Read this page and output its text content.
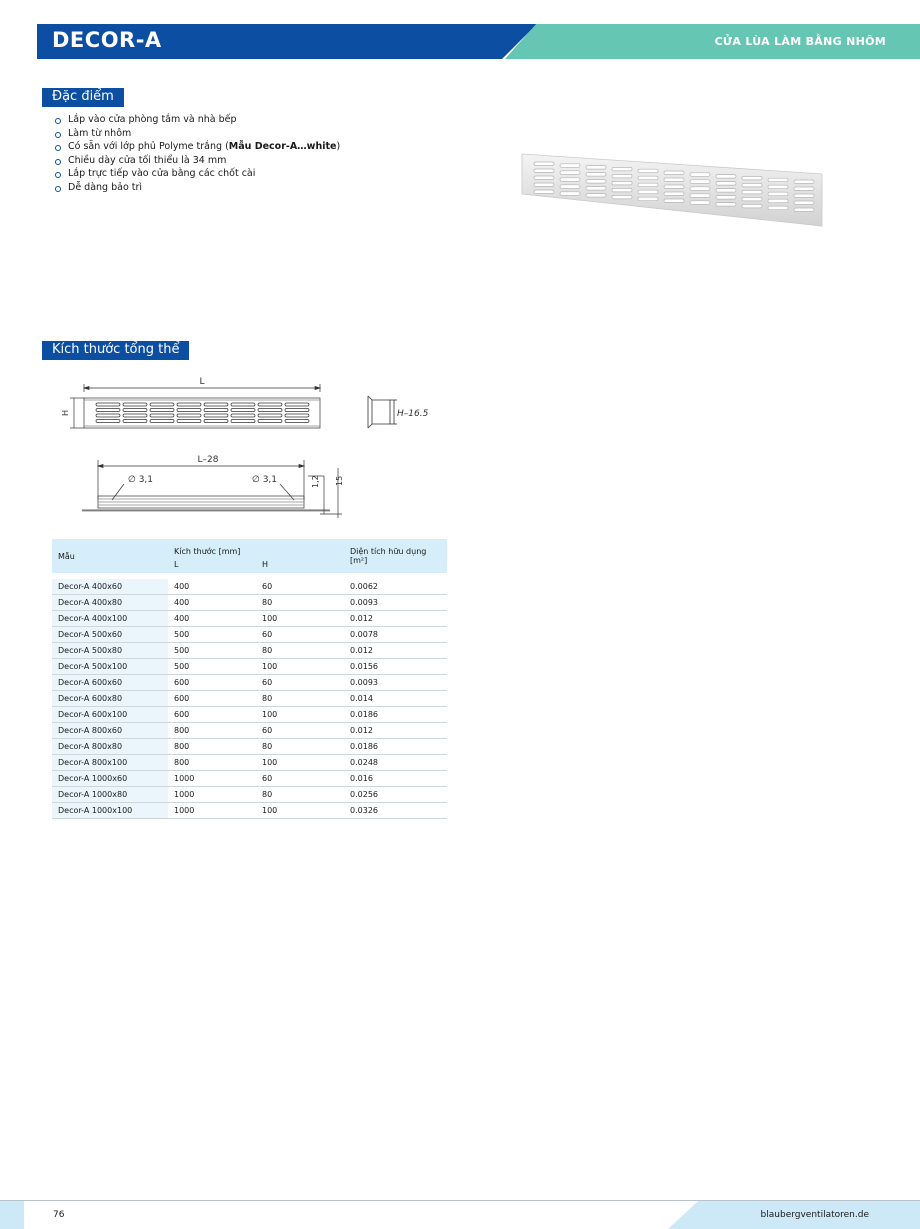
DECOR-A	CỬA LÙA LÀM BẰNG NHÔM
Đặc điểm
Lắp vào cửa phòng tắm và nhà bếp
Làm từ nhôm
Có sẵn với lớp phủ Polyme trắng (Mẫu Decor-A…white)
Chiều dày cửa tối thiểu là 34 mm
Lắp trực tiếp vào cửa bằng các chốt cài
Dễ dàng bảo trì
Kích thước tổng thể
L
H	H–16.5
L–28
∅ 3,1	∅ 3,1	1,2 15
Mẫu	Kích thước [mm]		Diện tích hữu dụng [m²]
	L	H	

Decor-A 400x60	400	60	0.0062
Decor-A 400x80	400	80	0.0093
Decor-A 400x100	400	100	0.012
Decor-A 500x60	500	60	0.0078
Decor-A 500x80	500	80	0.012
Decor-A 500x100	500	100	0.0156
Decor-A 600x60	600	60	0.0093
Decor-A 600x80	600	80	0.014
Decor-A 600x100	600	100	0.0186
Decor-A 800x60	800	60	0.012
Decor-A 800x80	800	80	0.0186
Decor-A 800x100	800	100	0.0248
Decor-A 1000x60	1000	60	0.016
Decor-A 1000x80	1000	80	0.0256
Decor-A 1000x100	1000	100	0.0326
76	blaubergventilatoren.de
